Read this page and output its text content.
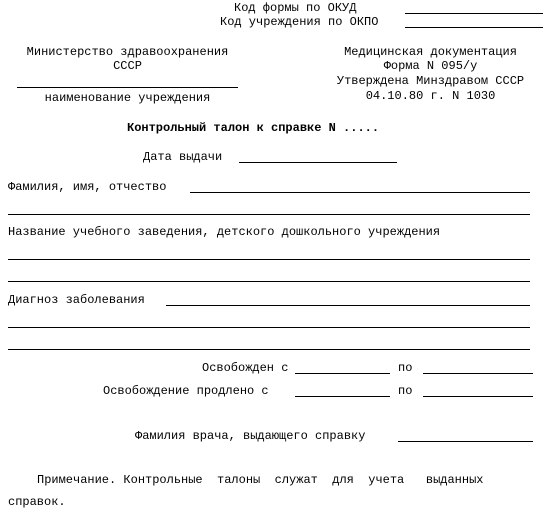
Код формы по ОКУД
Код учреждения по ОКПО
Министерство здравоохранения
СССР
наименование учреждения
Медицинская документация
Форма N 095/у
Утверждена Минздравом СССР
04.10.80 г. N 1030
Контрольный талон к справке N .....
Дата выдачи
Фамилия, имя, отчество
Название учебного заведения, детского дошкольного учреждения
Диагноз заболевания
Освобожден с	по
Освобождение продлено с	по
Фамилия врача, выдающего справку
Примечание. Контрольные  талоны  служат  для  учета   выданных
справок.
